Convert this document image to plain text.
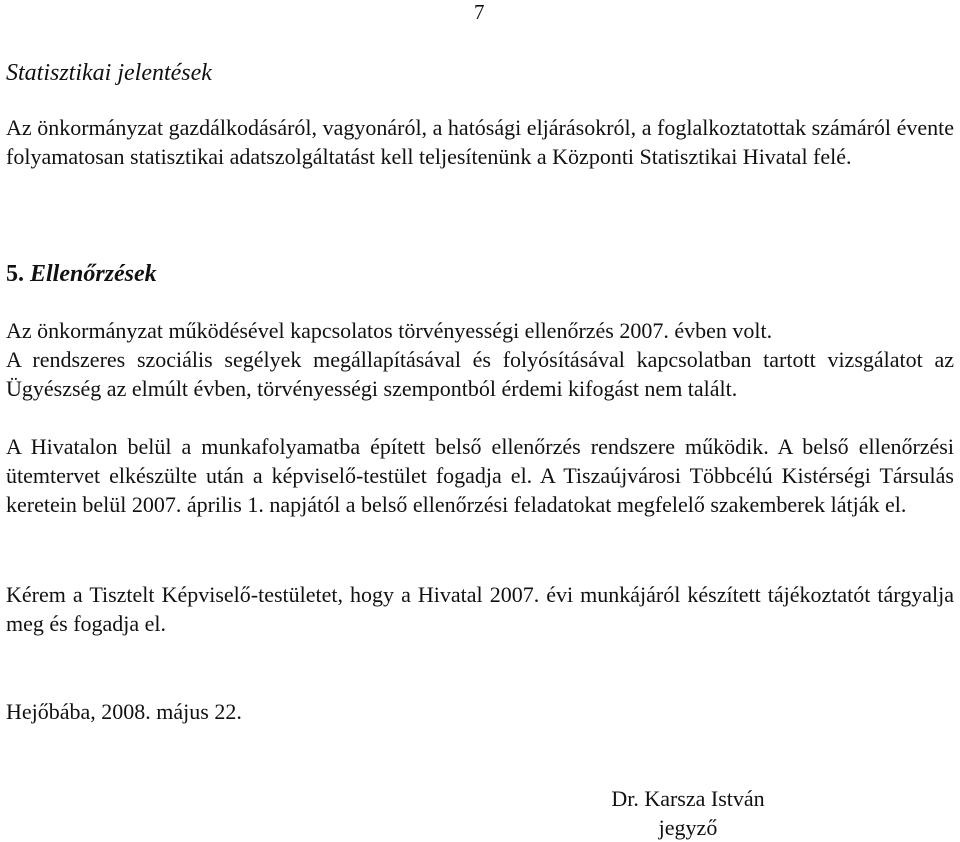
7
Statisztikai jelentések

Az önkormányzat gazdálkodásáról, vagyonáról, a hatósági eljárásokról, a foglalkoztatottak számáról évente folyamatosan statisztikai adatszolgáltatást kell teljesítenünk a Központi Statisztikai Hivatal felé.

5. Ellenőrzések

Az önkormányzat működésével kapcsolatos törvényességi ellenőrzés 2007. évben volt.

A rendszeres szociális segélyek megállapításával és folyósításával kapcsolatban tartott vizsgálatot az Ügyészség az elmúlt évben, törvényességi szempontból érdemi kifogást nem talált.

A Hivatalon belül a munkafolyamatba épített belső ellenőrzés rendszere működik. A belső ellenőrzési ütemtervet elkészülte után a képviselő-testület fogadja el. A Tiszaújvárosi Többcélú Kistérségi Társulás keretein belül 2007. április 1. napjától a belső ellenőrzési feladatokat megfelelő szakemberek látják el.

Kérem a Tisztelt Képviselő-testületet, hogy a Hivatal 2007. évi munkájáról készített tájékoztatót tárgyalja meg és fogadja el.

Hejőbába, 2008. május 22.
Dr. Karsza István
jegyző
